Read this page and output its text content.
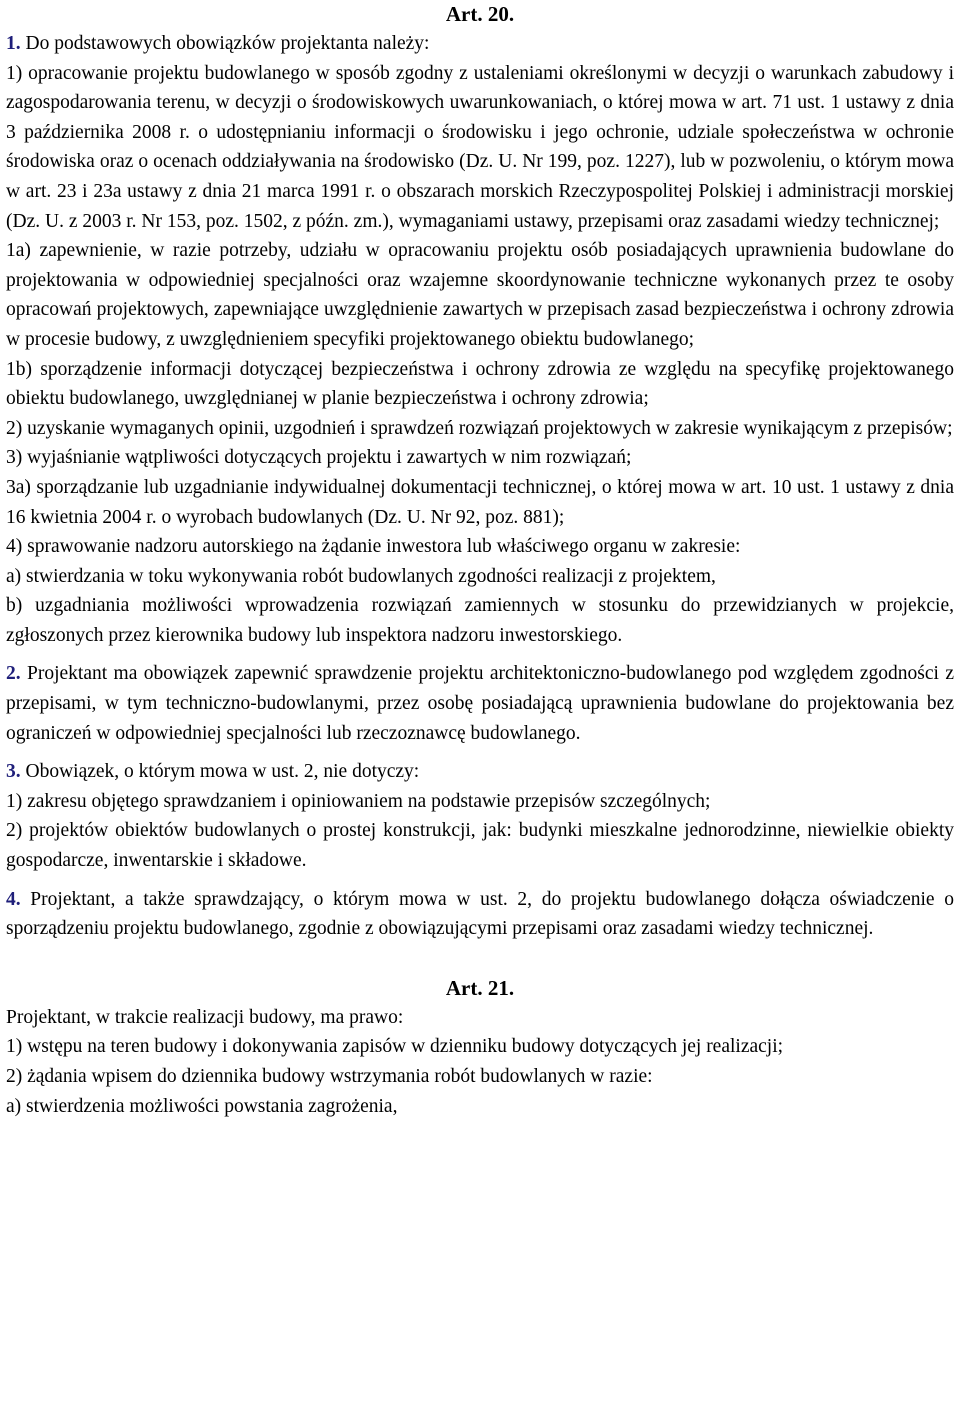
Art. 20.

1. Do podstawowych obowiązków projektanta należy:

1) opracowanie projektu budowlanego w sposób zgodny z ustaleniami określonymi w decyzji o warunkach zabudowy i zagospodarowania terenu, w decyzji o środowiskowych uwarunkowaniach, o której mowa w art. 71 ust. 1 ustawy z dnia 3 października 2008 r. o udostępnianiu informacji o środowisku i jego ochronie, udziale społeczeństwa w ochronie środowiska oraz o ocenach oddziaływania na środowisko (Dz. U. Nr 199, poz. 1227), lub w pozwoleniu, o którym mowa w art. 23 i 23a ustawy z dnia 21 marca 1991 r. o obszarach morskich Rzeczypospolitej Polskiej i administracji morskiej (Dz. U. z 2003 r. Nr 153, poz. 1502, z późn. zm.), wymaganiami ustawy, przepisami oraz zasadami wiedzy technicznej;

1a) zapewnienie, w razie potrzeby, udziału w opracowaniu projektu osób posiadających uprawnienia budowlane do projektowania w odpowiedniej specjalności oraz wzajemne skoordynowanie techniczne wykonanych przez te osoby opracowań projektowych, zapewniające uwzględnienie zawartych w przepisach zasad bezpieczeństwa i ochrony zdrowia w procesie budowy, z uwzględnieniem specyfiki projektowanego obiektu budowlanego;

1b) sporządzenie informacji dotyczącej bezpieczeństwa i ochrony zdrowia ze względu na specyfikę projektowanego obiektu budowlanego, uwzględnianej w planie bezpieczeństwa i ochrony zdrowia;

2) uzyskanie wymaganych opinii, uzgodnień i sprawdzeń rozwiązań projektowych w zakresie wynikającym z przepisów;

3) wyjaśnianie wątpliwości dotyczących projektu i zawartych w nim rozwiązań;

3a) sporządzanie lub uzgadnianie indywidualnej dokumentacji technicznej, o której mowa w art. 10 ust. 1 ustawy z dnia 16 kwietnia 2004 r. o wyrobach budowlanych (Dz. U. Nr 92, poz. 881);

4) sprawowanie nadzoru autorskiego na żądanie inwestora lub właściwego organu w zakresie:

a) stwierdzania w toku wykonywania robót budowlanych zgodności realizacji z projektem,

b) uzgadniania możliwości wprowadzenia rozwiązań zamiennych w stosunku do przewidzianych w projekcie, zgłoszonych przez kierownika budowy lub inspektora nadzoru inwestorskiego.

2. Projektant ma obowiązek zapewnić sprawdzenie projektu architektoniczno-budowlanego pod względem zgodności z przepisami, w tym techniczno-budowlanymi, przez osobę posiadającą uprawnienia budowlane do projektowania bez ograniczeń w odpowiedniej specjalności lub rzeczoznawcę budowlanego.

3. Obowiązek, o którym mowa w ust. 2, nie dotyczy:

1) zakresu objętego sprawdzaniem i opiniowaniem na podstawie przepisów szczególnych;

2) projektów obiektów budowlanych o prostej konstrukcji, jak: budynki mieszkalne jednorodzinne, niewielkie obiekty gospodarcze, inwentarskie i składowe.

4. Projektant, a także sprawdzający, o którym mowa w ust. 2, do projektu budowlanego dołącza oświadczenie o sporządzeniu projektu budowlanego, zgodnie z obowiązującymi przepisami oraz zasadami wiedzy technicznej.

Art. 21.

Projektant, w trakcie realizacji budowy, ma prawo:

1) wstępu na teren budowy i dokonywania zapisów w dzienniku budowy dotyczących jej realizacji;

2) żądania wpisem do dziennika budowy wstrzymania robót budowlanych w razie:

a) stwierdzenia możliwości powstania zagrożenia,
